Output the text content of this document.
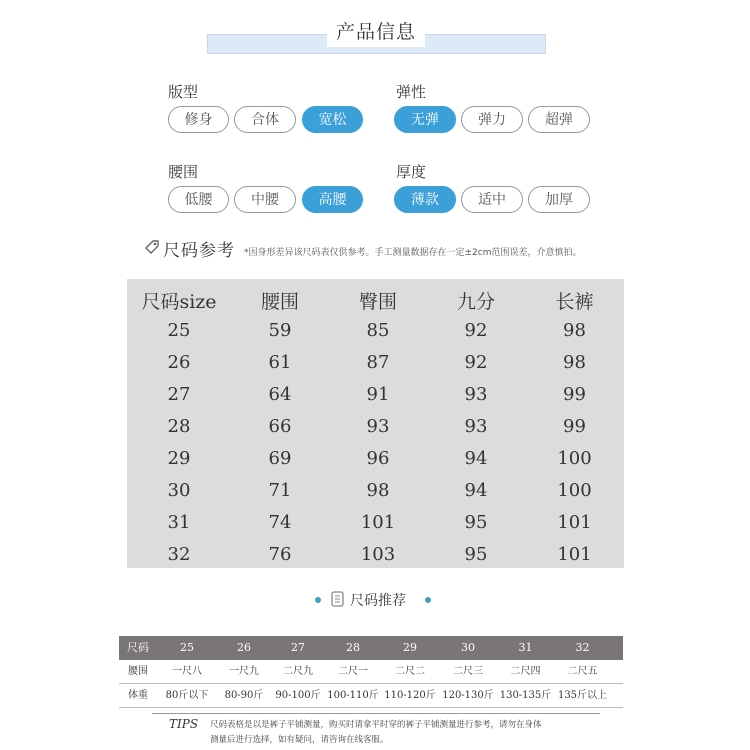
产品信息
版型
修身	合体	宽松
弹性
无弹	弹力	超弹
腰围
低腰	中腰	高腰
厚度
薄款	适中	加厚
尺码参考 *因身形差异该尺码表仅供参考。手工测量数据存在一定±2cm范围误差，介意慎拍。
尺码size	腰围	臀围	九分	长裤
25	59	85	92	98
26	61	87	92	98
27	64	91	93	99
28	66	93	93	99
29	69	96	94	100
30	71	98	94	100
31	74	101	95	101
32	76	103	95	101
尺码推荐
尺码	25	26	27	28	29	30	31	32
腰围	一尺八	一尺九	二尺九	二尺一	二尺二	二尺三	二尺四	二尺五
体重	80斤以下	80-90斤	90-100斤 100-110斤 110-120斤 120-130斤 130-135斤 135斤以上
TIPS 尺码表格是以是裤子平铺测量，购买时请拿平时穿的裤子平铺测量进行参考，请勿在身体
测量后进行选择，如有疑问，请咨询在线客服。
